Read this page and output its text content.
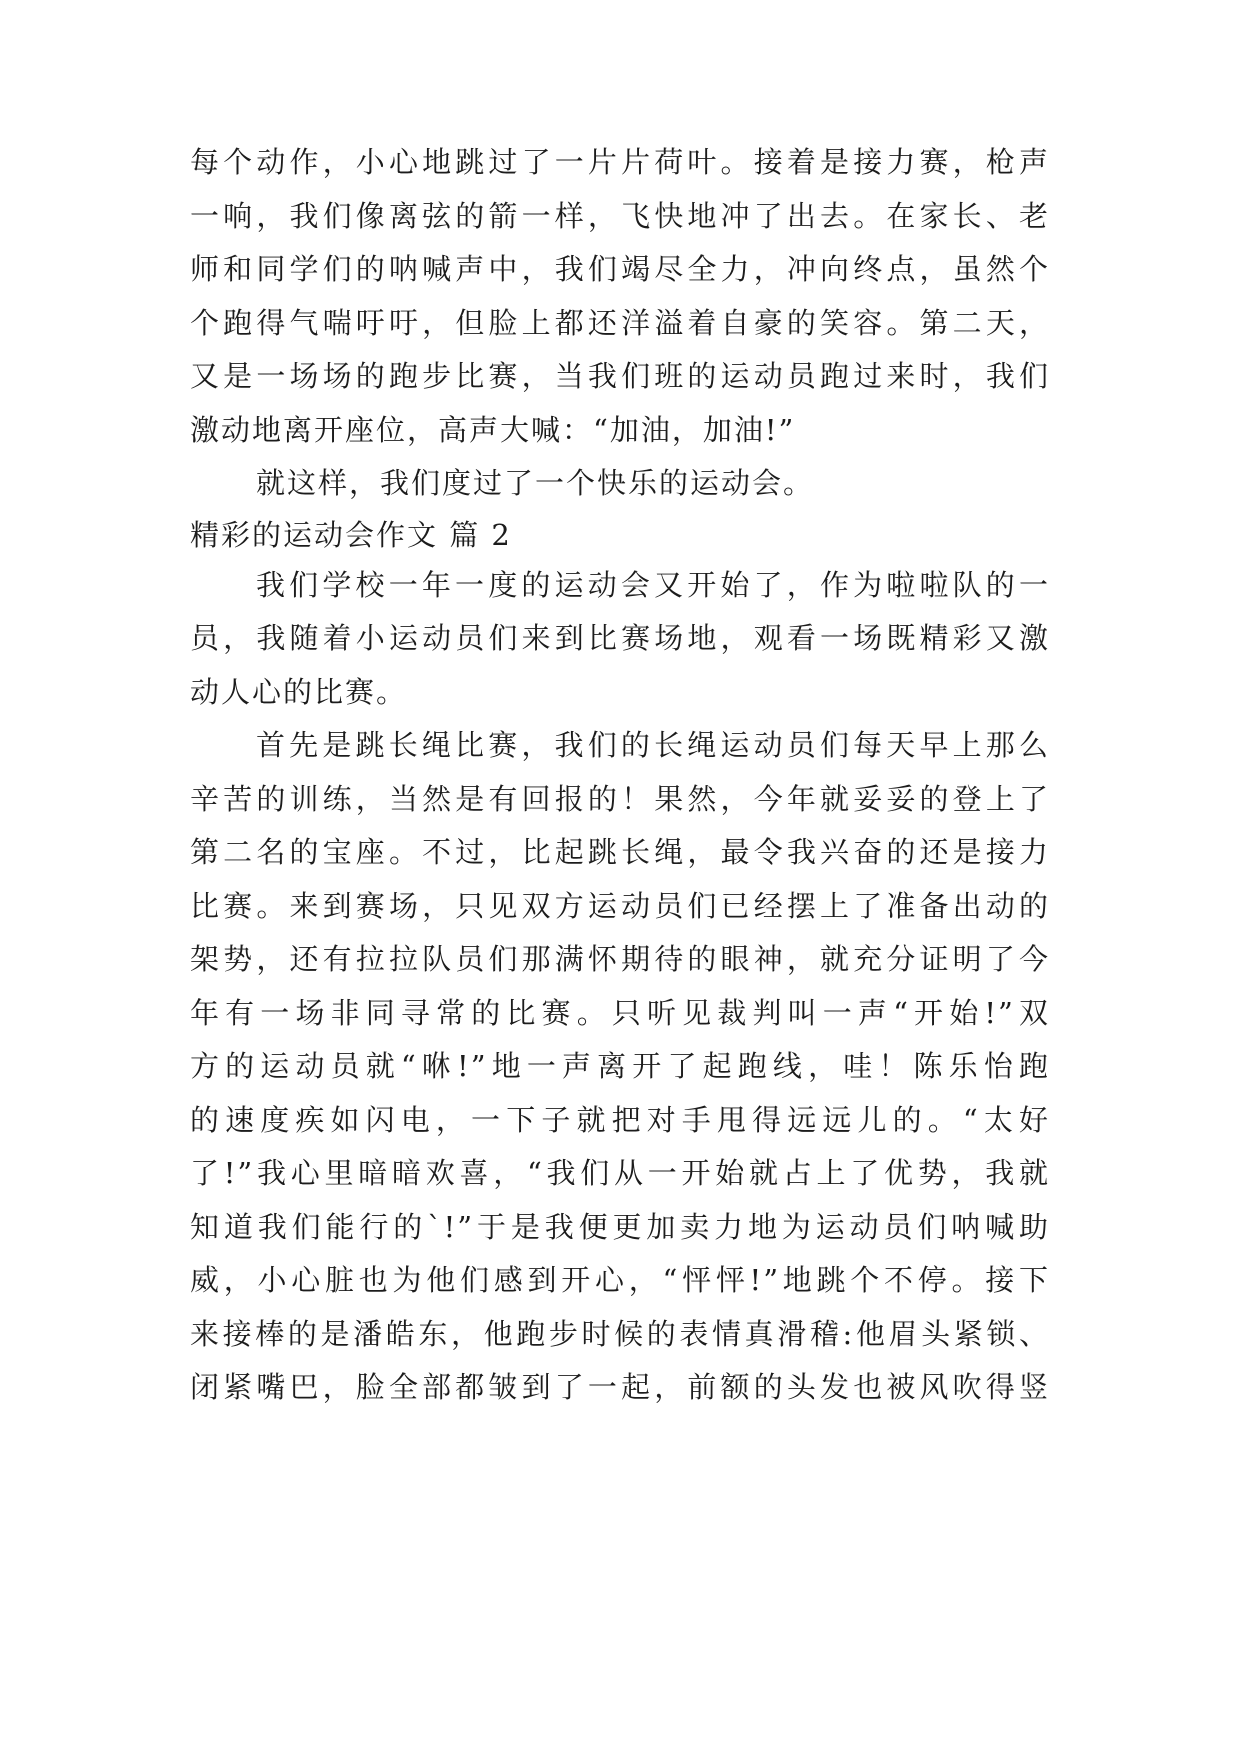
每个动作，小心地跳过了一片片荷叶。接着是接力赛，枪声
一响，我们像离弦的箭一样，飞快地冲了出去。在家长、老
师和同学们的呐喊声中，我们竭尽全力，冲向终点，虽然个
个跑得气喘吁吁，但脸上都还洋溢着自豪的笑容。第二天，
又是一场场的跑步比赛，当我们班的运动员跑过来时，我们
激动地离开座位，高声大喊：“加油，加油!”
就这样，我们度过了一个快乐的运动会。
精彩的运动会作文 篇 2
我们学校一年一度的运动会又开始了，作为啦啦队的一
员，我随着小运动员们来到比赛场地，观看一场既精彩又激
动人心的比赛。
首先是跳长绳比赛，我们的长绳运动员们每天早上那么
辛苦的训练，当然是有回报的！果然，今年就妥妥的登上了
第二名的宝座。不过，比起跳长绳，最令我兴奋的还是接力
比赛。来到赛场，只见双方运动员们已经摆上了准备出动的
架势，还有拉拉队员们那满怀期待的眼神，就充分证明了今
年有一场非同寻常的比赛。只听见裁判叫一声“开始!”双
方的运动员就“咻!”地一声离开了起跑线，哇！陈乐怡跑
的速度疾如闪电，一下子就把对手甩得远远儿的。“太好
了!”我心里暗暗欢喜，“我们从一开始就占上了优势，我就
知道我们能行的`!”于是我便更加卖力地为运动员们呐喊助
威，小心脏也为他们感到开心，“怦怦!”地跳个不停。接下
来接棒的是潘皓东，他跑步时候的表情真滑稽:他眉头紧锁、
闭紧嘴巴，脸全部都皱到了一起，前额的头发也被风吹得竖
